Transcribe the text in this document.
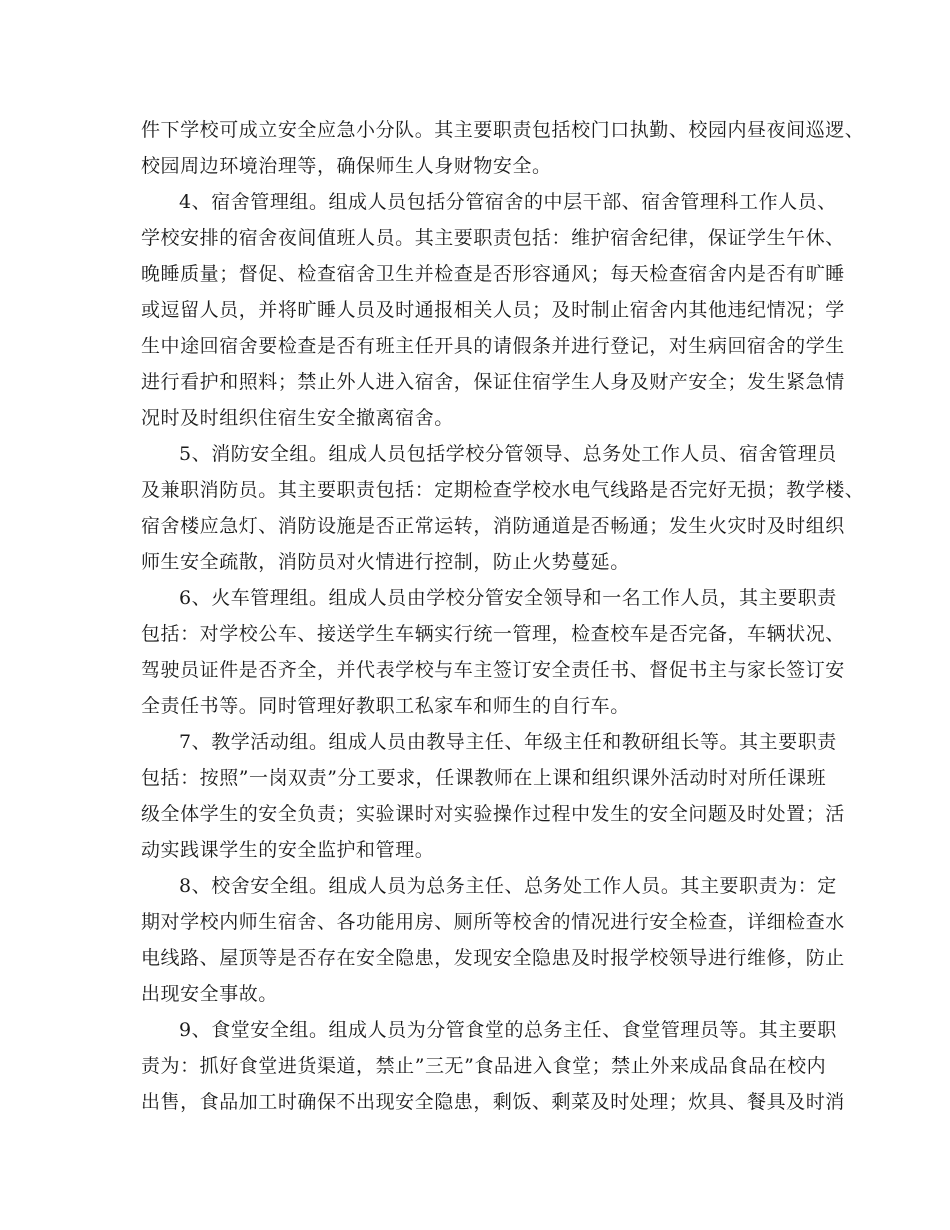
件下学校可成立安全应急小分队。其主要职责包括校门口执勤、校园内昼夜间巡逻、
校园周边环境治理等，确保师生人身财物安全。
4、宿舍管理组。组成人员包括分管宿舍的中层干部、宿舍管理科工作人员、
学校安排的宿舍夜间值班人员。其主要职责包括：维护宿舍纪律，保证学生午休、
晚睡质量；督促、检查宿舍卫生并检查是否形容通风；每天检查宿舍内是否有旷睡
或逗留人员，并将旷睡人员及时通报相关人员；及时制止宿舍内其他违纪情况；学
生中途回宿舍要检查是否有班主任开具的请假条并进行登记，对生病回宿舍的学生
进行看护和照料；禁止外人进入宿舍，保证住宿学生人身及财产安全；发生紧急情
况时及时组织住宿生安全撤离宿舍。
5、消防安全组。组成人员包括学校分管领导、总务处工作人员、宿舍管理员
及兼职消防员。其主要职责包括：定期检查学校水电气线路是否完好无损；教学楼、
宿舍楼应急灯、消防设施是否正常运转，消防通道是否畅通；发生火灾时及时组织
师生安全疏散，消防员对火情进行控制，防止火势蔓延。
6、火车管理组。组成人员由学校分管安全领导和一名工作人员，其主要职责
包括：对学校公车、接送学生车辆实行统一管理，检查校车是否完备，车辆状况、
驾驶员证件是否齐全，并代表学校与车主签订安全责任书、督促书主与家长签订安
全责任书等。同时管理好教职工私家车和师生的自行车。
7、教学活动组。组成人员由教导主任、年级主任和教研组长等。其主要职责
包括：按照”一岗双责”分工要求，任课教师在上课和组织课外活动时对所任课班
级全体学生的安全负责；实验课时对实验操作过程中发生的安全问题及时处置；活
动实践课学生的安全监护和管理。
8、校舍安全组。组成人员为总务主任、总务处工作人员。其主要职责为：定
期对学校内师生宿舍、各功能用房、厕所等校舍的情况进行安全检查，详细检查水
电线路、屋顶等是否存在安全隐患，发现安全隐患及时报学校领导进行维修，防止
出现安全事故。
9、食堂安全组。组成人员为分管食堂的总务主任、食堂管理员等。其主要职
责为：抓好食堂进货渠道，禁止”三无”食品进入食堂；禁止外来成品食品在校内
出售，食品加工时确保不出现安全隐患，剩饭、剩菜及时处理；炊具、餐具及时消
